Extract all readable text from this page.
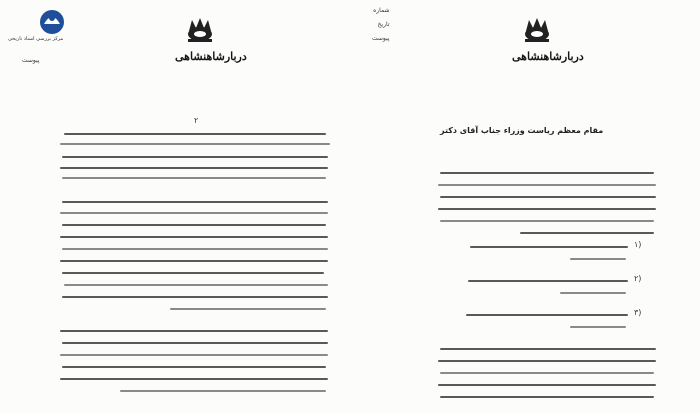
مرکز بررسی اسناد تاریخی
دربارشاهنشاهی
پیوست
۲
دربارشاهنشاهی
شماره
تاریخ
پیوست
مقام معظم ریاست وزراء جناب آقای دکتر
۱)
۲)
۳)
